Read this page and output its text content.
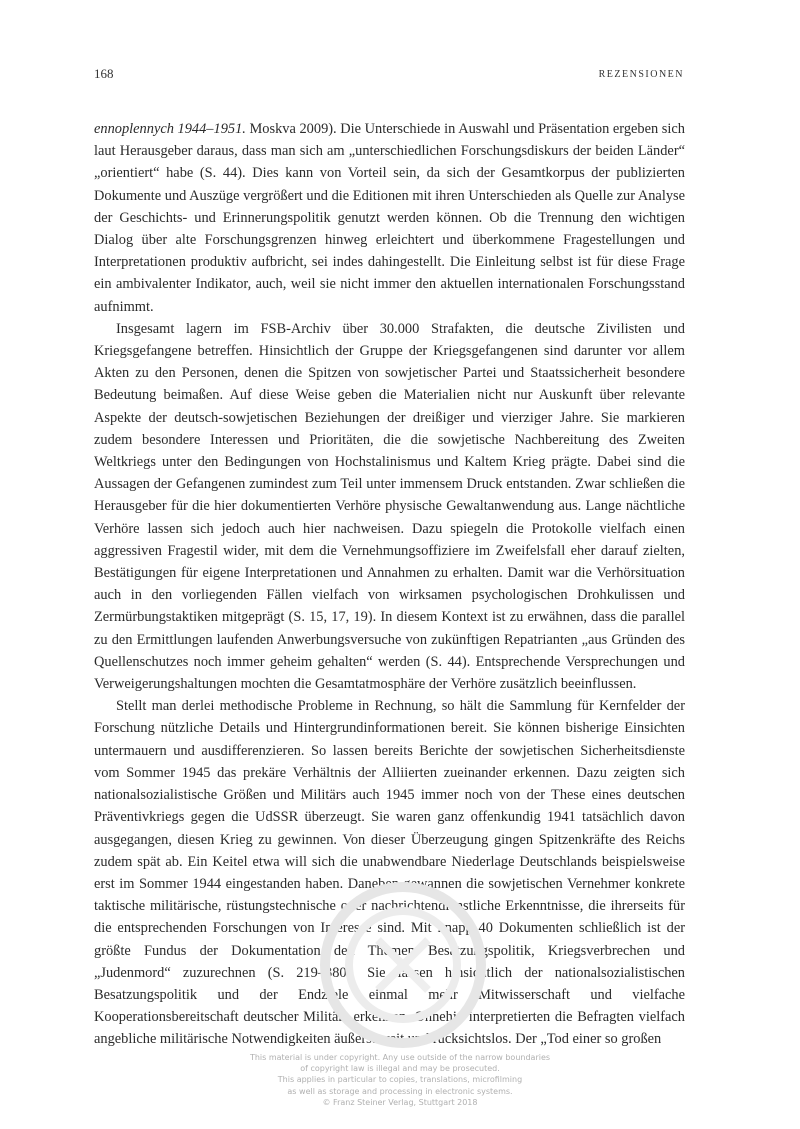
168	rezensionen

ennoplennych 1944–1951. Moskva 2009). Die Unterschiede in Auswahl und Präsentation ergeben sich laut Herausgeber daraus, dass man sich am „unterschiedlichen Forschungsdiskurs der beiden Länder“ „orientiert“ habe (S. 44). Dies kann von Vorteil sein, da sich der Gesamtkorpus der publizierten Dokumente und Auszüge vergrößert und die Editionen mit ihren Unterschieden als Quelle zur Analyse der Geschichts- und Erinnerungspolitik genutzt werden können. Ob die Trennung den wichtigen Dialog über alte Forschungsgrenzen hinweg erleichtert und überkommene Fragestellungen und Interpretationen produktiv aufbricht, sei indes dahingestellt. Die Einleitung selbst ist für diese Frage ein ambivalenter Indikator, auch, weil sie nicht immer den aktuellen internationalen Forschungsstand aufnimmt.

Insgesamt lagern im FSB-Archiv über 30.000 Strafakten, die deutsche Zivilisten und Kriegsgefangene betreffen. Hinsichtlich der Gruppe der Kriegsgefangenen sind darunter vor allem Akten zu den Personen, denen die Spitzen von sowjetischer Partei und Staatssicherheit besondere Bedeutung beimaßen. Auf diese Weise geben die Materialien nicht nur Auskunft über relevante Aspekte der deutsch-sowjetischen Beziehungen der dreißiger und vierziger Jahre. Sie markieren zudem besondere Interessen und Prioritäten, die die sowjetische Nachbereitung des Zweiten Weltkriegs unter den Bedingungen von Hochstalinismus und Kaltem Krieg prägte. Dabei sind die Aussagen der Gefangenen zumindest zum Teil unter immensem Druck entstanden. Zwar schließen die Herausgeber für die hier dokumentierten Verhöre physische Gewaltanwendung aus. Lange nächtliche Verhöre lassen sich jedoch auch hier nachweisen. Dazu spiegeln die Protokolle vielfach einen aggressiven Fragestil wider, mit dem die Vernehmungsoffiziere im Zweifelsfall eher darauf zielten, Bestätigungen für eigene Interpretationen und Annahmen zu erhalten. Damit war die Verhörsituation auch in den vorliegenden Fällen vielfach von wirksamen psychologischen Drohkulissen und Zermürbungstaktiken mitgeprägt (S. 15, 17, 19). In diesem Kontext ist zu erwähnen, dass die parallel zu den Ermittlungen laufenden Anwerbungsversuche von zukünftigen Repatrianten „aus Gründen des Quellenschutzes noch immer geheim gehalten“ werden (S. 44). Entsprechende Versprechungen und Verweigerungshaltungen mochten die Gesamtatmosphäre der Verhöre zusätzlich beeinflussen.

Stellt man derlei methodische Probleme in Rechnung, so hält die Sammlung für Kernfelder der Forschung nützliche Details und Hintergrundinformationen bereit. Sie können bisherige Einsichten untermauern und ausdifferenzieren. So lassen bereits Berichte der sowjetischen Sicherheitsdienste vom Sommer 1945 das prekäre Verhältnis der Alliierten zueinander erkennen. Dazu zeigten sich nationalsozialistische Größen und Militärs auch 1945 immer noch von der These eines deutschen Präventivkriegs gegen die UdSSR überzeugt. Sie waren ganz offenkundig 1941 tatsächlich davon ausgegangen, diesen Krieg zu gewinnen. Von dieser Überzeugung gingen Spitzenkräfte des Reichs zudem spät ab. Ein Keitel etwa will sich die unabwendbare Niederlage Deutschlands beispielsweise erst im Sommer 1944 eingestanden haben. Daneben gewannen die sowjetischen Vernehmer konkrete taktische militärische, rüstungstechnische oder nachrichtendienstliche Erkenntnisse, die ihrerseits für die entsprechenden Forschungen von Interesse sind. Mit knapp 40 Dokumenten schließlich ist der größte Fundus der Dokumentation den Themen Besatzungspolitik, Kriegsverbrechen und „Judenmord“ zuzurechnen (S. 219–380). Sie lassen hinsichtlich der nationalsozialistischen Besatzungspolitik und der Endziele einmal mehr Mitwisserschaft und vielfache Kooperationsbereitschaft deutscher Militärs erkennen. Ohnehin interpretierten die Befragten vielfach angebliche militärische Notwendigkeiten äußerst weit und rücksichtslos. Der „Tod einer so großen

This material is under copyright. Any use outside of the narrow boundaries
of copyright law is illegal and may be prosecuted.
This applies in particular to copies, translations, microfilming
as well as storage and processing in electronic systems.
© Franz Steiner Verlag, Stuttgart 2018
